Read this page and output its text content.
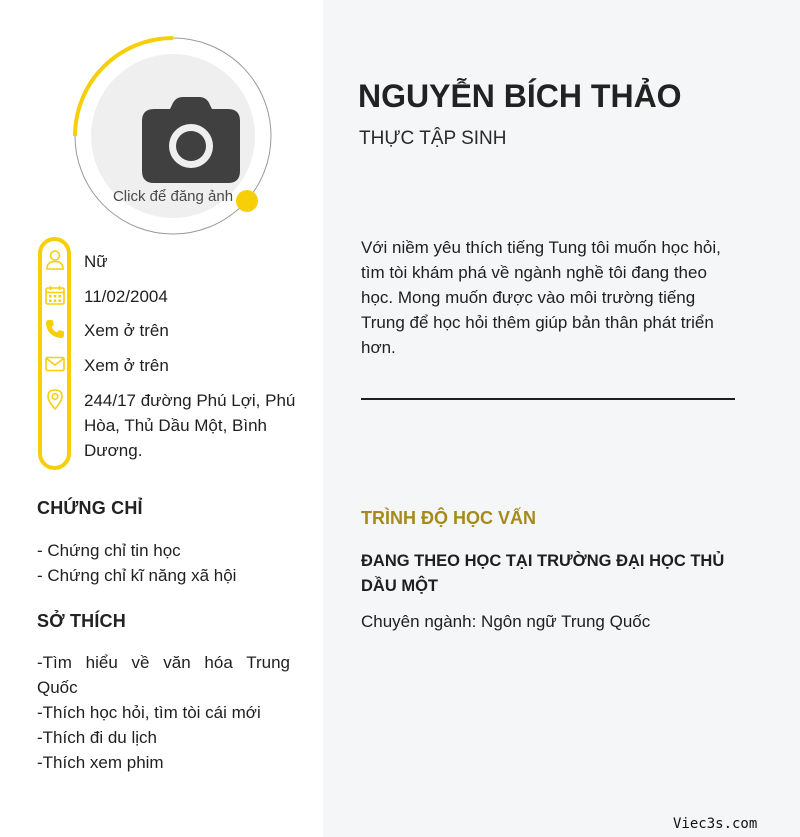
Click để đăng ảnh
Nữ
11/02/2004
Xem ở trên
Xem ở trên
244/17 đường Phú Lợi, Phú Hòa, Thủ Dầu Một, Bình Dương.
CHỨNG CHỈ
- Chứng chỉ tin học
- Chứng chỉ kĩ năng xã hội
SỞ THÍCH
-Tìm hiểu về văn hóa Trung Quốc
-Thích học hỏi, tìm tòi cái mới
-Thích đi du lịch
-Thích xem phim
NGUYỄN BÍCH THẢO
THỰC TẬP SINH
Với niềm yêu thích tiếng Tung tôi muốn học hỏi, tìm tòi khám phá về ngành nghề tôi đang theo học. Mong muốn được vào môi trường tiếng Trung để học hỏi thêm giúp bản thân phát triển hơn.
TRÌNH ĐỘ HỌC VẤN
ĐANG THEO HỌC TẠI TRƯỜNG ĐẠI HỌC THỦ DẦU MỘT
Chuyên ngành: Ngôn ngữ Trung Quốc
Viec3s.com
